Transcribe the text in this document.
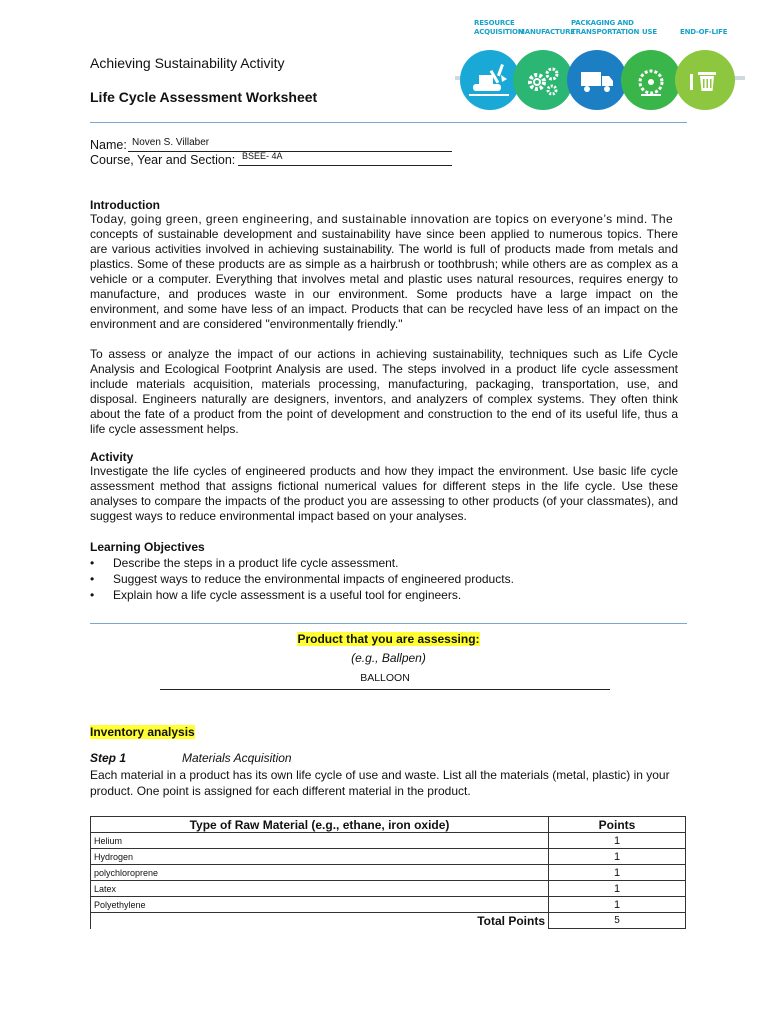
Achieving Sustainability Activity
Life Cycle Assessment Worksheet
RESOURCE
ACQUISITION
MANUFACTURE
PACKAGING AND
TRANSPORTATION USE	END-OF-LIFE
Name: Noven S. Villaber
Course, Year and Section: BSEE- 4A
Introduction
Today, going green, green engineering, and sustainable innovation are topics on everyone’s mind. The
concepts of sustainable development and sustainability have since been applied to numerous topics. There are various activities involved in achieving sustainability. The world is full of products made from metals and plastics. Some of these products are as simple as a hairbrush or toothbrush; while others are as complex as a vehicle or a computer. Everything that involves metal and plastic uses natural resources, requires energy to manufacture, and produces waste in our environment. Some products have a large impact on the environment, and some have less of an impact. Products that can be recycled have less of an impact on the environment and are considered "environmentally friendly."
To assess or analyze the impact of our actions in achieving sustainability, techniques such as Life Cycle Analysis and Ecological Footprint Analysis are used. The steps involved in a product life cycle assessment include materials acquisition, materials processing, manufacturing, packaging, transportation, use, and disposal. Engineers naturally are designers, inventors, and analyzers of complex systems. They often think about the fate of a product from the point of development and construction to the end of its useful life, thus a life cycle assessment helps.
Activity
Investigate the life cycles of engineered products and how they impact the environment. Use basic life cycle assessment method that assigns fictional numerical values for different steps in the life cycle. Use these analyses to compare the impacts of the product you are assessing to other products (of your classmates), and suggest ways to reduce environmental impact based on your analyses.
Learning Objectives
• Describe the steps in a product life cycle assessment.
• Suggest ways to reduce the environmental impacts of engineered products.
• Explain how a life cycle assessment is a useful tool for engineers.
Product that you are assessing:
(e.g., Ballpen)
BALLOON
Inventory analysis
Step 1	Materials Acquisition
Each material in a product has its own life cycle of use and waste. List all the materials (metal, plastic) in your product. One point is assigned for each different material in the product.
Type of Raw Material (e.g., ethane, iron oxide)	Points
Helium	1
Hydrogen	1
polychloroprene	1
Latex	1
Polyethylene	1
Total Points	5
